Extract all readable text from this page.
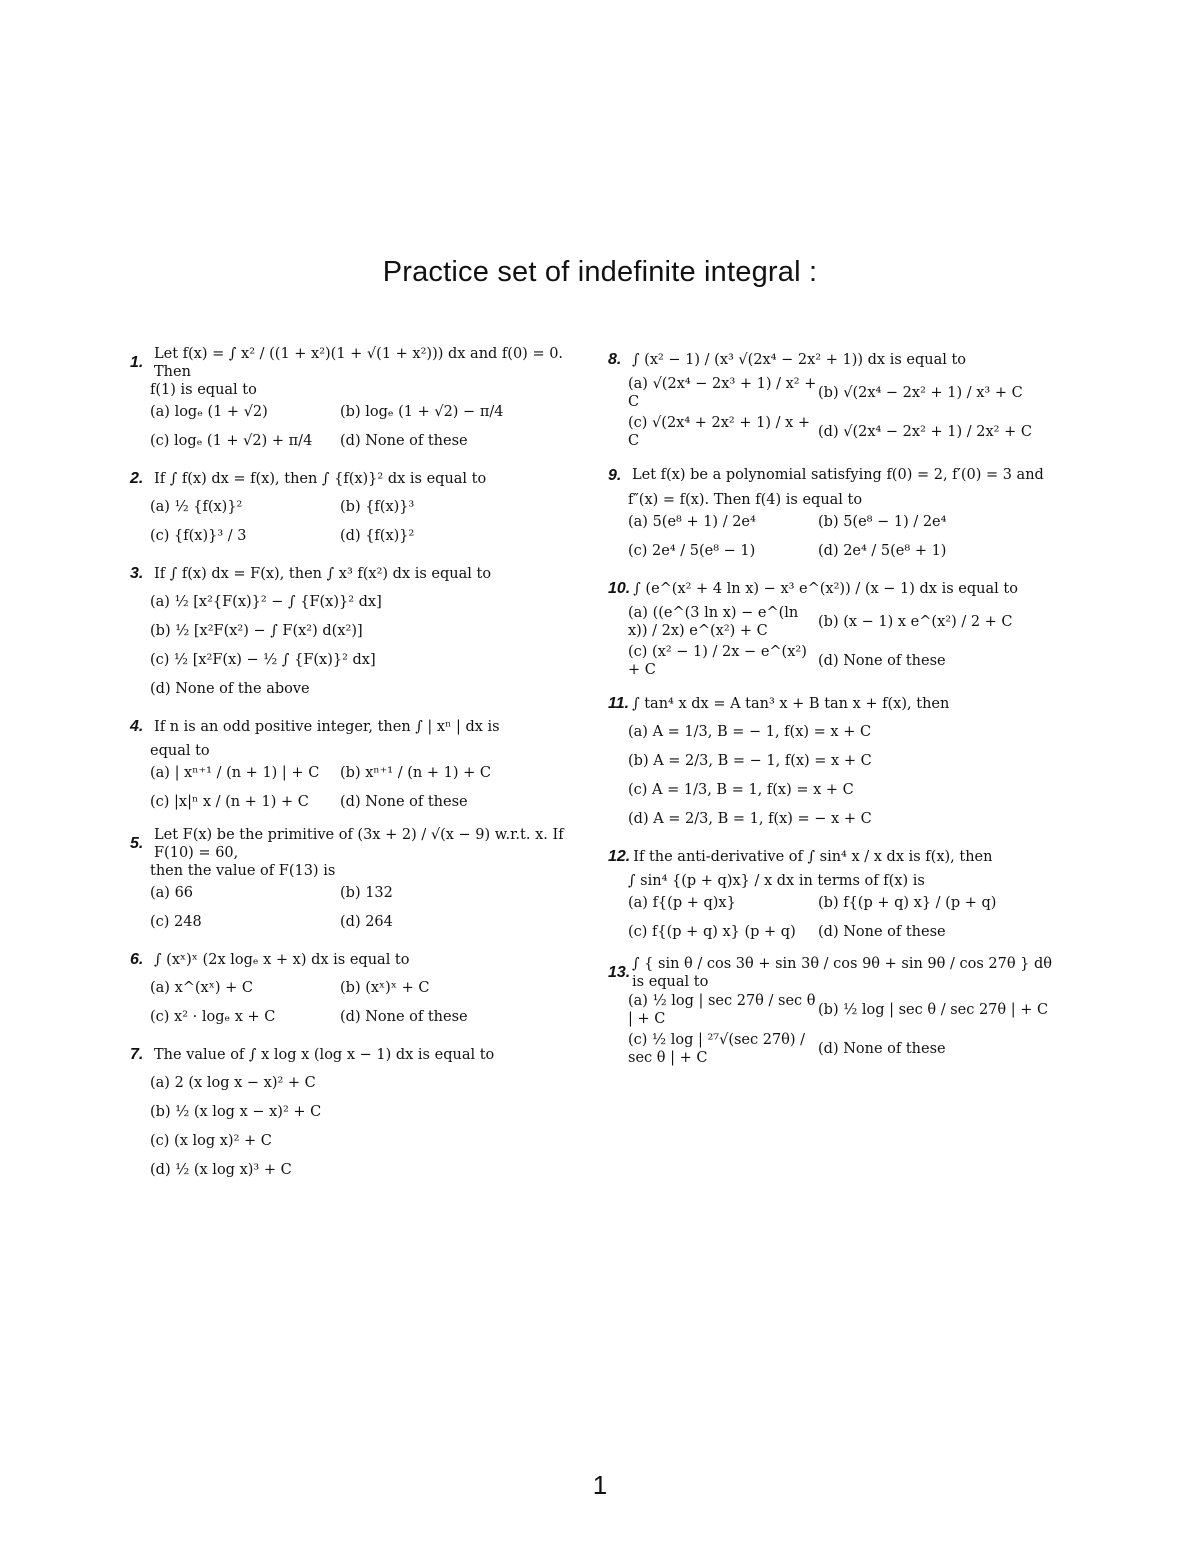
Practice set of indefinite integral :
1.
Let f(x) = ∫ x² / ((1 + x²)(1 + √(1 + x²))) dx and f(0) = 0. Then
f(1) is equal to
(a) logₑ (1 + √2)	(b) logₑ (1 + √2) − π/4
(c) logₑ (1 + √2) + π/4	(d) None of these
2. If ∫ f(x) dx = f(x), then ∫ {f(x)}² dx is equal to
(a) ½ {f(x)}²	(b) {f(x)}³
(c) {f(x)}³ / 3	(d) {f(x)}²
3. If ∫ f(x) dx = F(x), then ∫ x³ f(x²) dx is equal to
(a) ½ [x²{F(x)}² − ∫ {F(x)}² dx]
(b) ½ [x²F(x²) − ∫ F(x²) d(x²)]
(c) ½ [x²F(x) − ½ ∫ {F(x)}² dx]
(d) None of the above
4. If n is an odd positive integer, then ∫ | xⁿ | dx is
equal to
(a) | xⁿ⁺¹ / (n + 1) | + C	(b) xⁿ⁺¹ / (n + 1) + C
(c) |x|ⁿ x / (n + 1) + C	(d) None of these
5.
Let F(x) be the primitive of (3x + 2) / √(x − 9) w.r.t. x. If F(10) = 60,
then the value of F(13) is
(a) 66	(b) 132
(c) 248	(d) 264
6. ∫ (xˣ)ˣ (2x logₑ x + x) dx is equal to
(a) x^(xˣ) + C	(b) (xˣ)ˣ + C
(c) x² · logₑ x + C	(d) None of these
7. The value of ∫ x log x (log x − 1) dx is equal to
(a) 2 (x log x − x)² + C
(b) ½ (x log x − x)² + C
(c) (x log x)² + C
(d) ½ (x log x)³ + C
8. ∫ (x² − 1) / (x³ √(2x⁴ − 2x² + 1)) dx is equal to
(a) √(2x⁴ − 2x³ + 1) / x² + C
(b) √(2x⁴ − 2x² + 1) / x³ + C
(c) √(2x⁴ + 2x² + 1) / x + C
(d) √(2x⁴ − 2x² + 1) / 2x² + C
9. Let f(x) be a polynomial satisfying f(0) = 2, f′(0) = 3 and
f″(x) = f(x). Then f(4) is equal to
(a) 5(e⁸ + 1) / 2e⁴	(b) 5(e⁸ − 1) / 2e⁴
(c) 2e⁴ / 5(e⁸ − 1)	(d) 2e⁴ / 5(e⁸ + 1)
10. ∫ (e^(x² + 4 ln x) − x³ e^(x²)) / (x − 1) dx is equal to
(a) ((e^(3 ln x) − e^(ln x)) / 2x) e^(x²) + C
(b) (x − 1) x e^(x²) / 2 + C
(c) (x² − 1) / 2x − e^(x²) + C
(d) None of these
11. ∫ tan⁴ x dx = A tan³ x + B tan x + f(x), then
(a) A = 1/3, B = − 1, f(x) = x + C
(b) A = 2/3, B = − 1, f(x) = x + C
(c) A = 1/3, B = 1, f(x) = x + C
(d) A = 2/3, B = 1, f(x) = − x + C
12. If the anti-derivative of ∫ sin⁴ x / x dx is f(x), then
∫ sin⁴ {(p + q)x} / x dx in terms of f(x) is
(a) f{(p + q)x}	(b) f{(p + q) x} / (p + q)
(c) f{(p + q) x} (p + q)	(d) None of these
13.
∫ { sin θ / cos 3θ + sin 3θ / cos 9θ + sin 9θ / cos 27θ } dθ is equal to
(a) ½ log | sec 27θ / sec θ | + C
(b) ½ log | sec θ / sec 27θ | + C
(c) ½ log | ²⁷√(sec 27θ) / sec θ | + C
(d) None of these
1
